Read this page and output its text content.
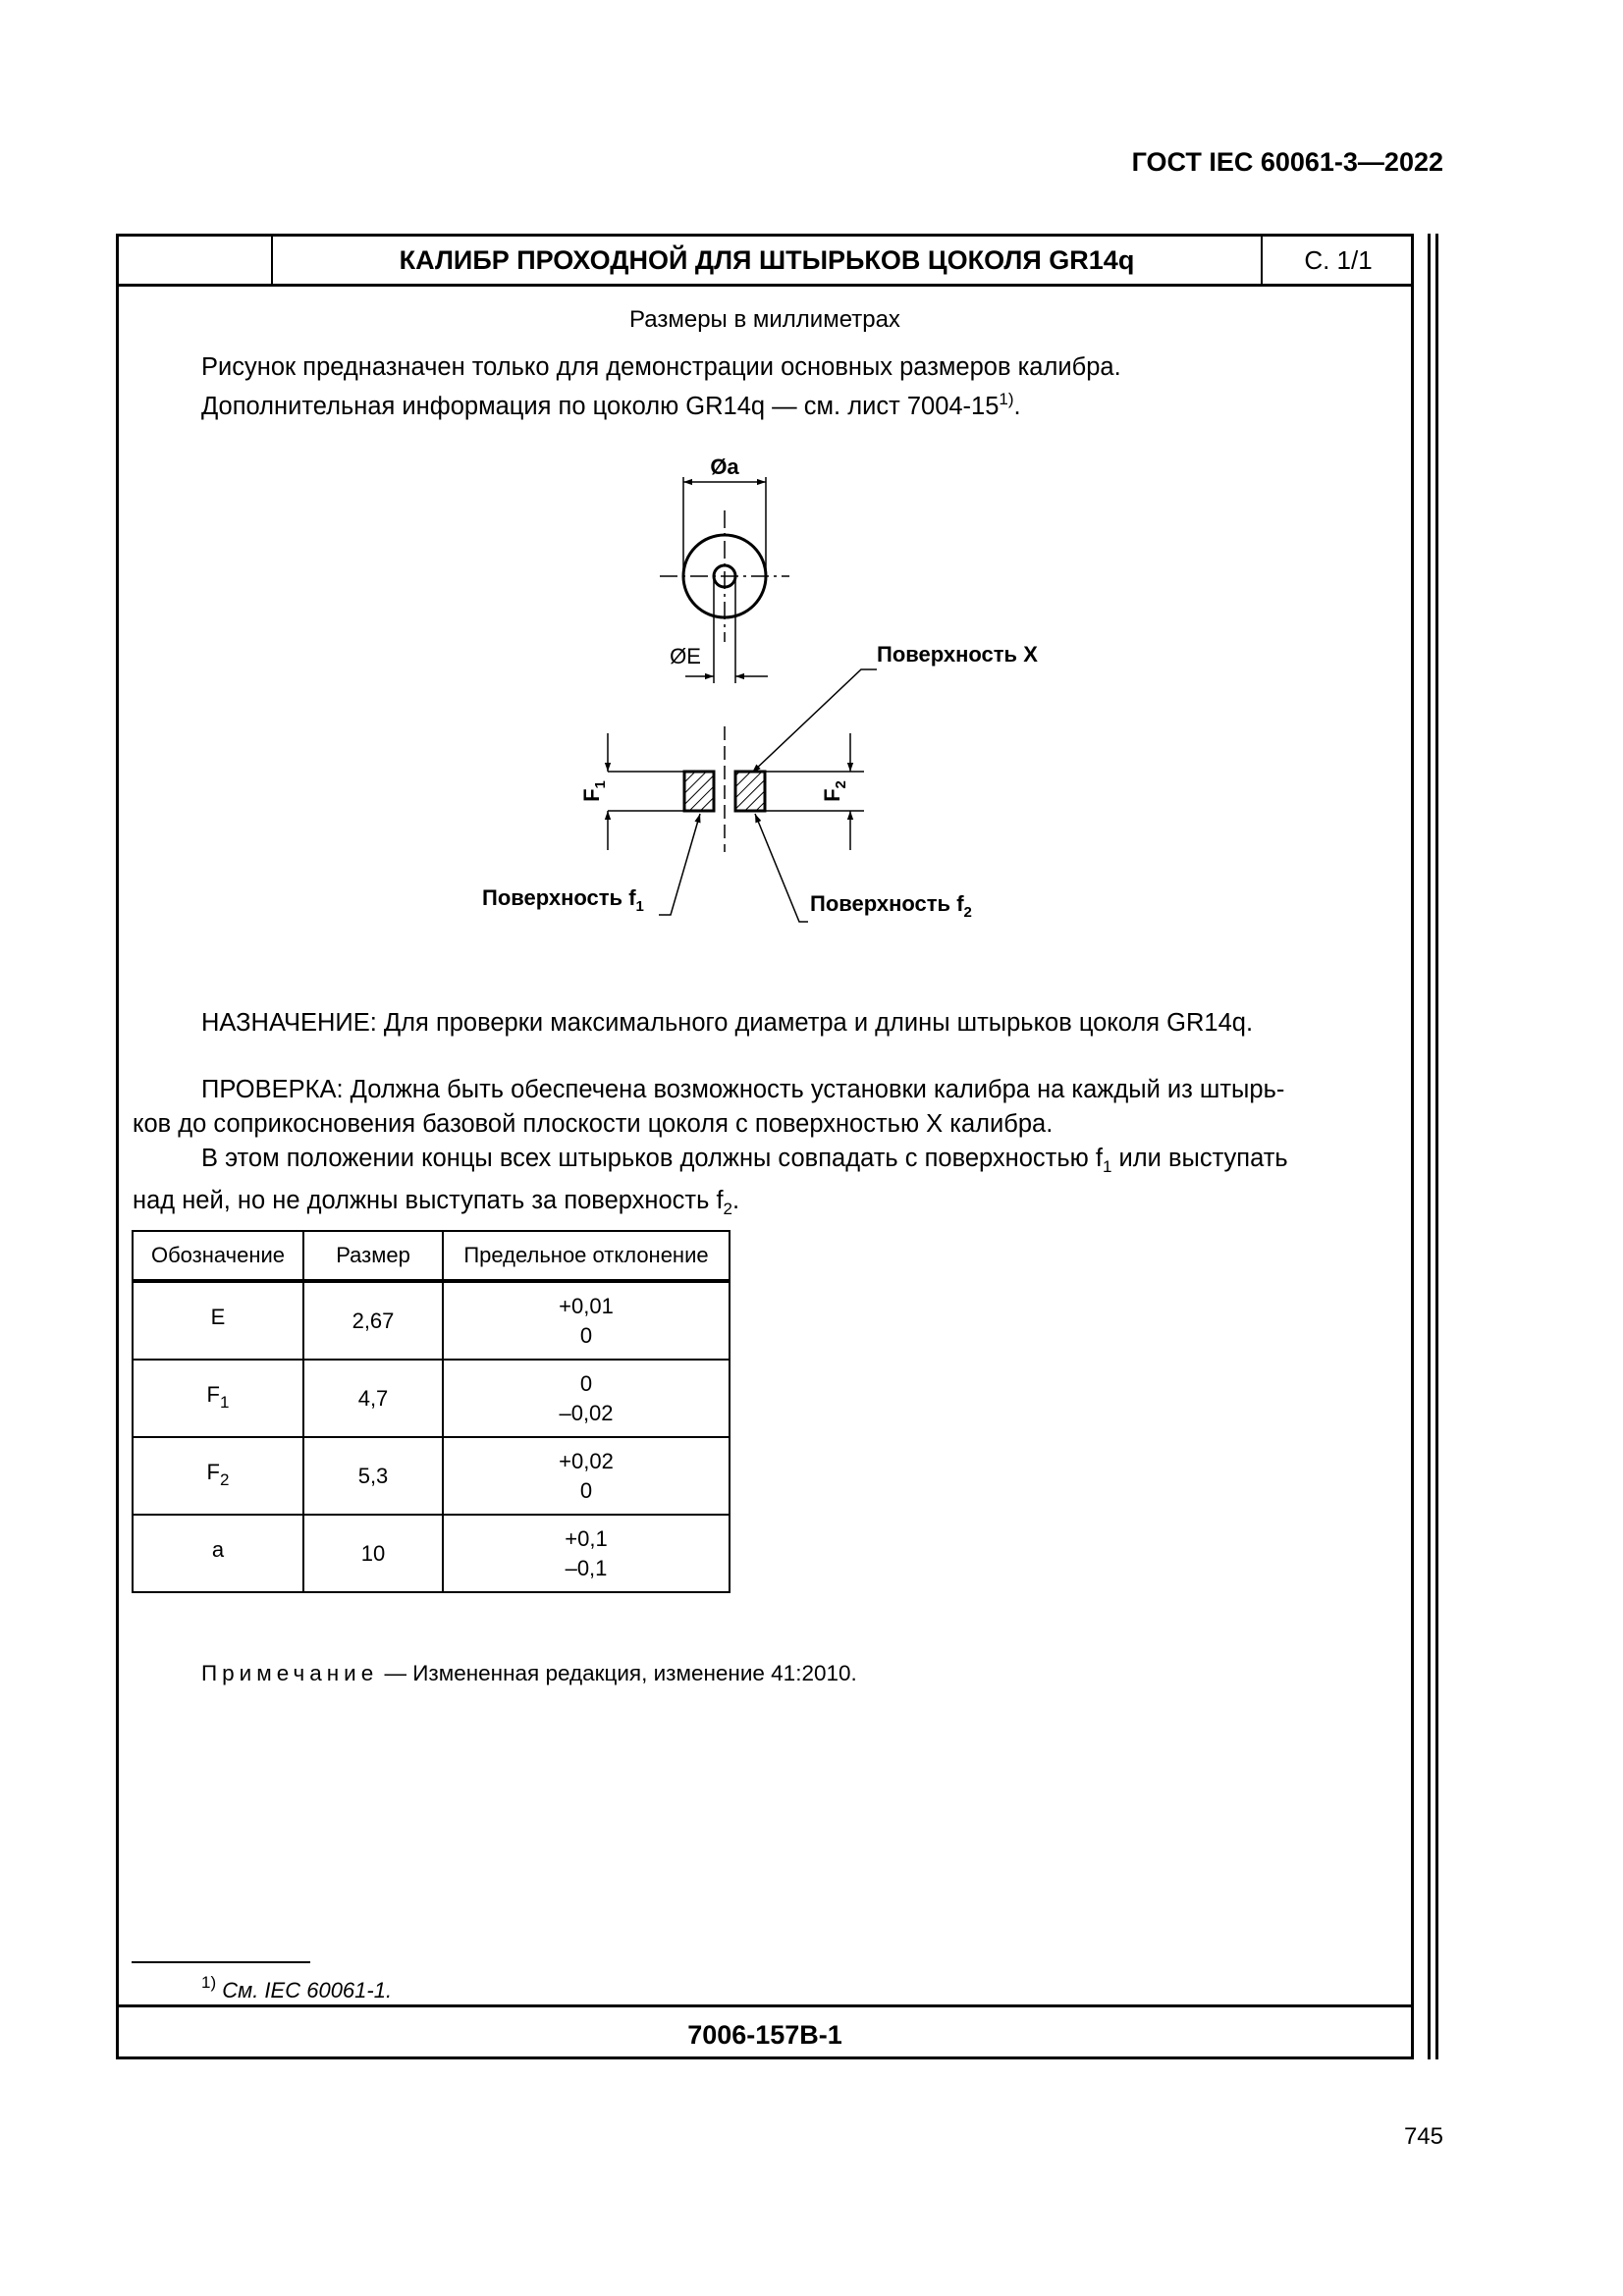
ГОСТ IEC 60061-3—2022
КАЛИБР ПРОХОДНОЙ ДЛЯ ШТЫРЬКОВ ЦОКОЛЯ GR14q	С. 1/1
Размеры в миллиметрах
Рисунок предназначен только для демонстрации основных размеров калибра.
Дополнительная информация по цоколю GR14q — см. лист 7004-15$^{1)}$.
Øa
ØE	Поверхность X
$F_1$
$F_2$
Поверхность $f_1$	Поверхность $f_2$
НАЗНАЧЕНИЕ: Для проверки максимального диаметра и длины штырьков цоколя GR14q.
ПРОВЕРКА: Должна быть обеспечена возможность установки калибра на каждый из штырь-
ков до соприкосновения базовой плоскости цоколя с поверхностью X калибра.
В этом положении концы всех штырьков должны совпадать с поверхностью $f_1$ или выступать
над ней, но не должны выступать за поверхность $f_2$.
Обозначение	Размер	Предельное отклонение
E	2,67	+0,01
0

$F_1$	4,7	0
–0,02

$F_2$	5,3	+0,02
0

a	10	+0,1
–0,1
Примечание — Измененная редакция, изменение 41:2010.
$^{1)}$ См. IEC 60061-1.
7006-157B-1
745
